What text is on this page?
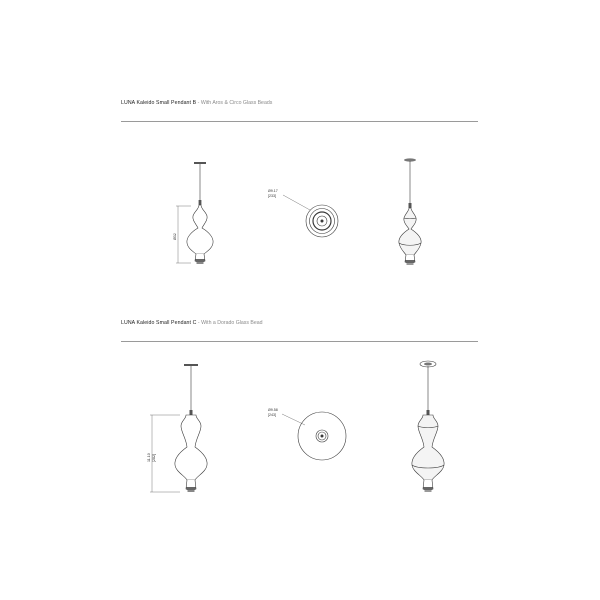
LUNA Kaleido Small Pendant B - With Aros & Circo Glass Beads
LUNA Kaleido Small Pendant C - With a Dorado Glass Bead
Ø32
Ø9.17
[233]
11.10 [282]
Ø9.58
[243]
